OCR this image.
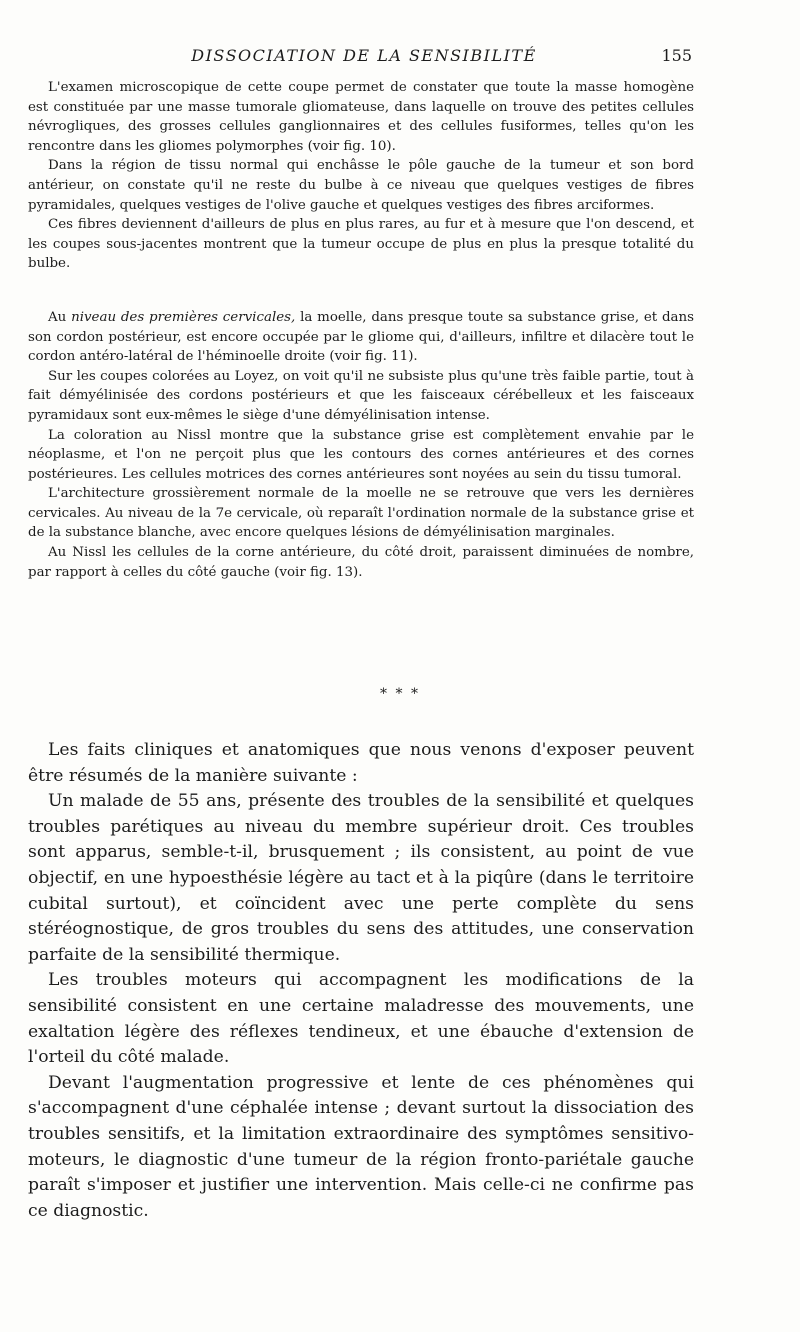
DISSOCIATION DE LA SENSIBILITÉ	155

L'examen microscopique de cette coupe permet de constater que toute la masse homogène est constituée par une masse tumorale gliomateuse, dans laquelle on trouve des petites cellules névrogliques, des grosses cellules ganglionnaires et des cellules fusiformes, telles qu'on les rencontre dans les gliomes polymorphes (voir fig. 10).

Dans la région de tissu normal qui enchâsse le pôle gauche de la tumeur et son bord antérieur, on constate qu'il ne reste du bulbe à ce niveau que quelques vestiges de fibres pyramidales, quelques vestiges de l'olive gauche et quelques vestiges des fibres arciformes.

Ces fibres deviennent d'ailleurs de plus en plus rares, au fur et à mesure que l'on descend, et les coupes sous-jacentes montrent que la tumeur occupe de plus en plus la presque totalité du bulbe.

Au niveau des premières cervicales, la moelle, dans presque toute sa substance grise, et dans son cordon postérieur, est encore occupée par le gliome qui, d'ailleurs, infiltre et dilacère tout le cordon antéro-latéral de l'héminoelle droite (voir fig. 11).

Sur les coupes colorées au Loyez, on voit qu'il ne subsiste plus qu'une très faible partie, tout à fait démyélinisée des cordons postérieurs et que les faisceaux cérébelleux et les faisceaux pyramidaux sont eux-mêmes le siège d'une démyélinisation intense.

La coloration au Nissl montre que la substance grise est complètement envahie par le néoplasme, et l'on ne perçoit plus que les contours des cornes antérieures et des cornes postérieures. Les cellules motrices des cornes antérieures sont noyées au sein du tissu tumoral.

L'architecture grossièrement normale de la moelle ne se retrouve que vers les dernières cervicales. Au niveau de la 7e cervicale, où reparaît l'ordination normale de la substance grise et de la substance blanche, avec encore quelques lésions de démyélinisation marginales.

Au Nissl les cellules de la corne antérieure, du côté droit, paraissent diminuées de nombre, par rapport à celles du côté gauche (voir fig. 13).

* * *

Les faits cliniques et anatomiques que nous venons d'exposer peuvent être résumés de la manière suivante :

Un malade de 55 ans, présente des troubles de la sensibilité et quelques troubles parétiques au niveau du membre supérieur droit. Ces troubles sont apparus, semble-t-il, brusquement ; ils consistent, au point de vue objectif, en une hypoesthésie légère au tact et à la piqûre (dans le territoire cubital surtout), et coïncident avec une perte complète du sens stéréognostique, de gros troubles du sens des attitudes, une conservation parfaite de la sensibilité thermique.

Les troubles moteurs qui accompagnent les modifications de la sensibilité consistent en une certaine maladresse des mouvements, une exaltation légère des réflexes tendineux, et une ébauche d'extension de l'orteil du côté malade.

Devant l'augmentation progressive et lente de ces phénomènes qui s'accompagnent d'une céphalée intense ; devant surtout la dissociation des troubles sensitifs, et la limitation extraordinaire des symptômes sensitivo-moteurs, le diagnostic d'une tumeur de la région fronto-pariétale gauche paraît s'imposer et justifier une intervention. Mais celle-ci ne confirme pas ce diagnostic.
